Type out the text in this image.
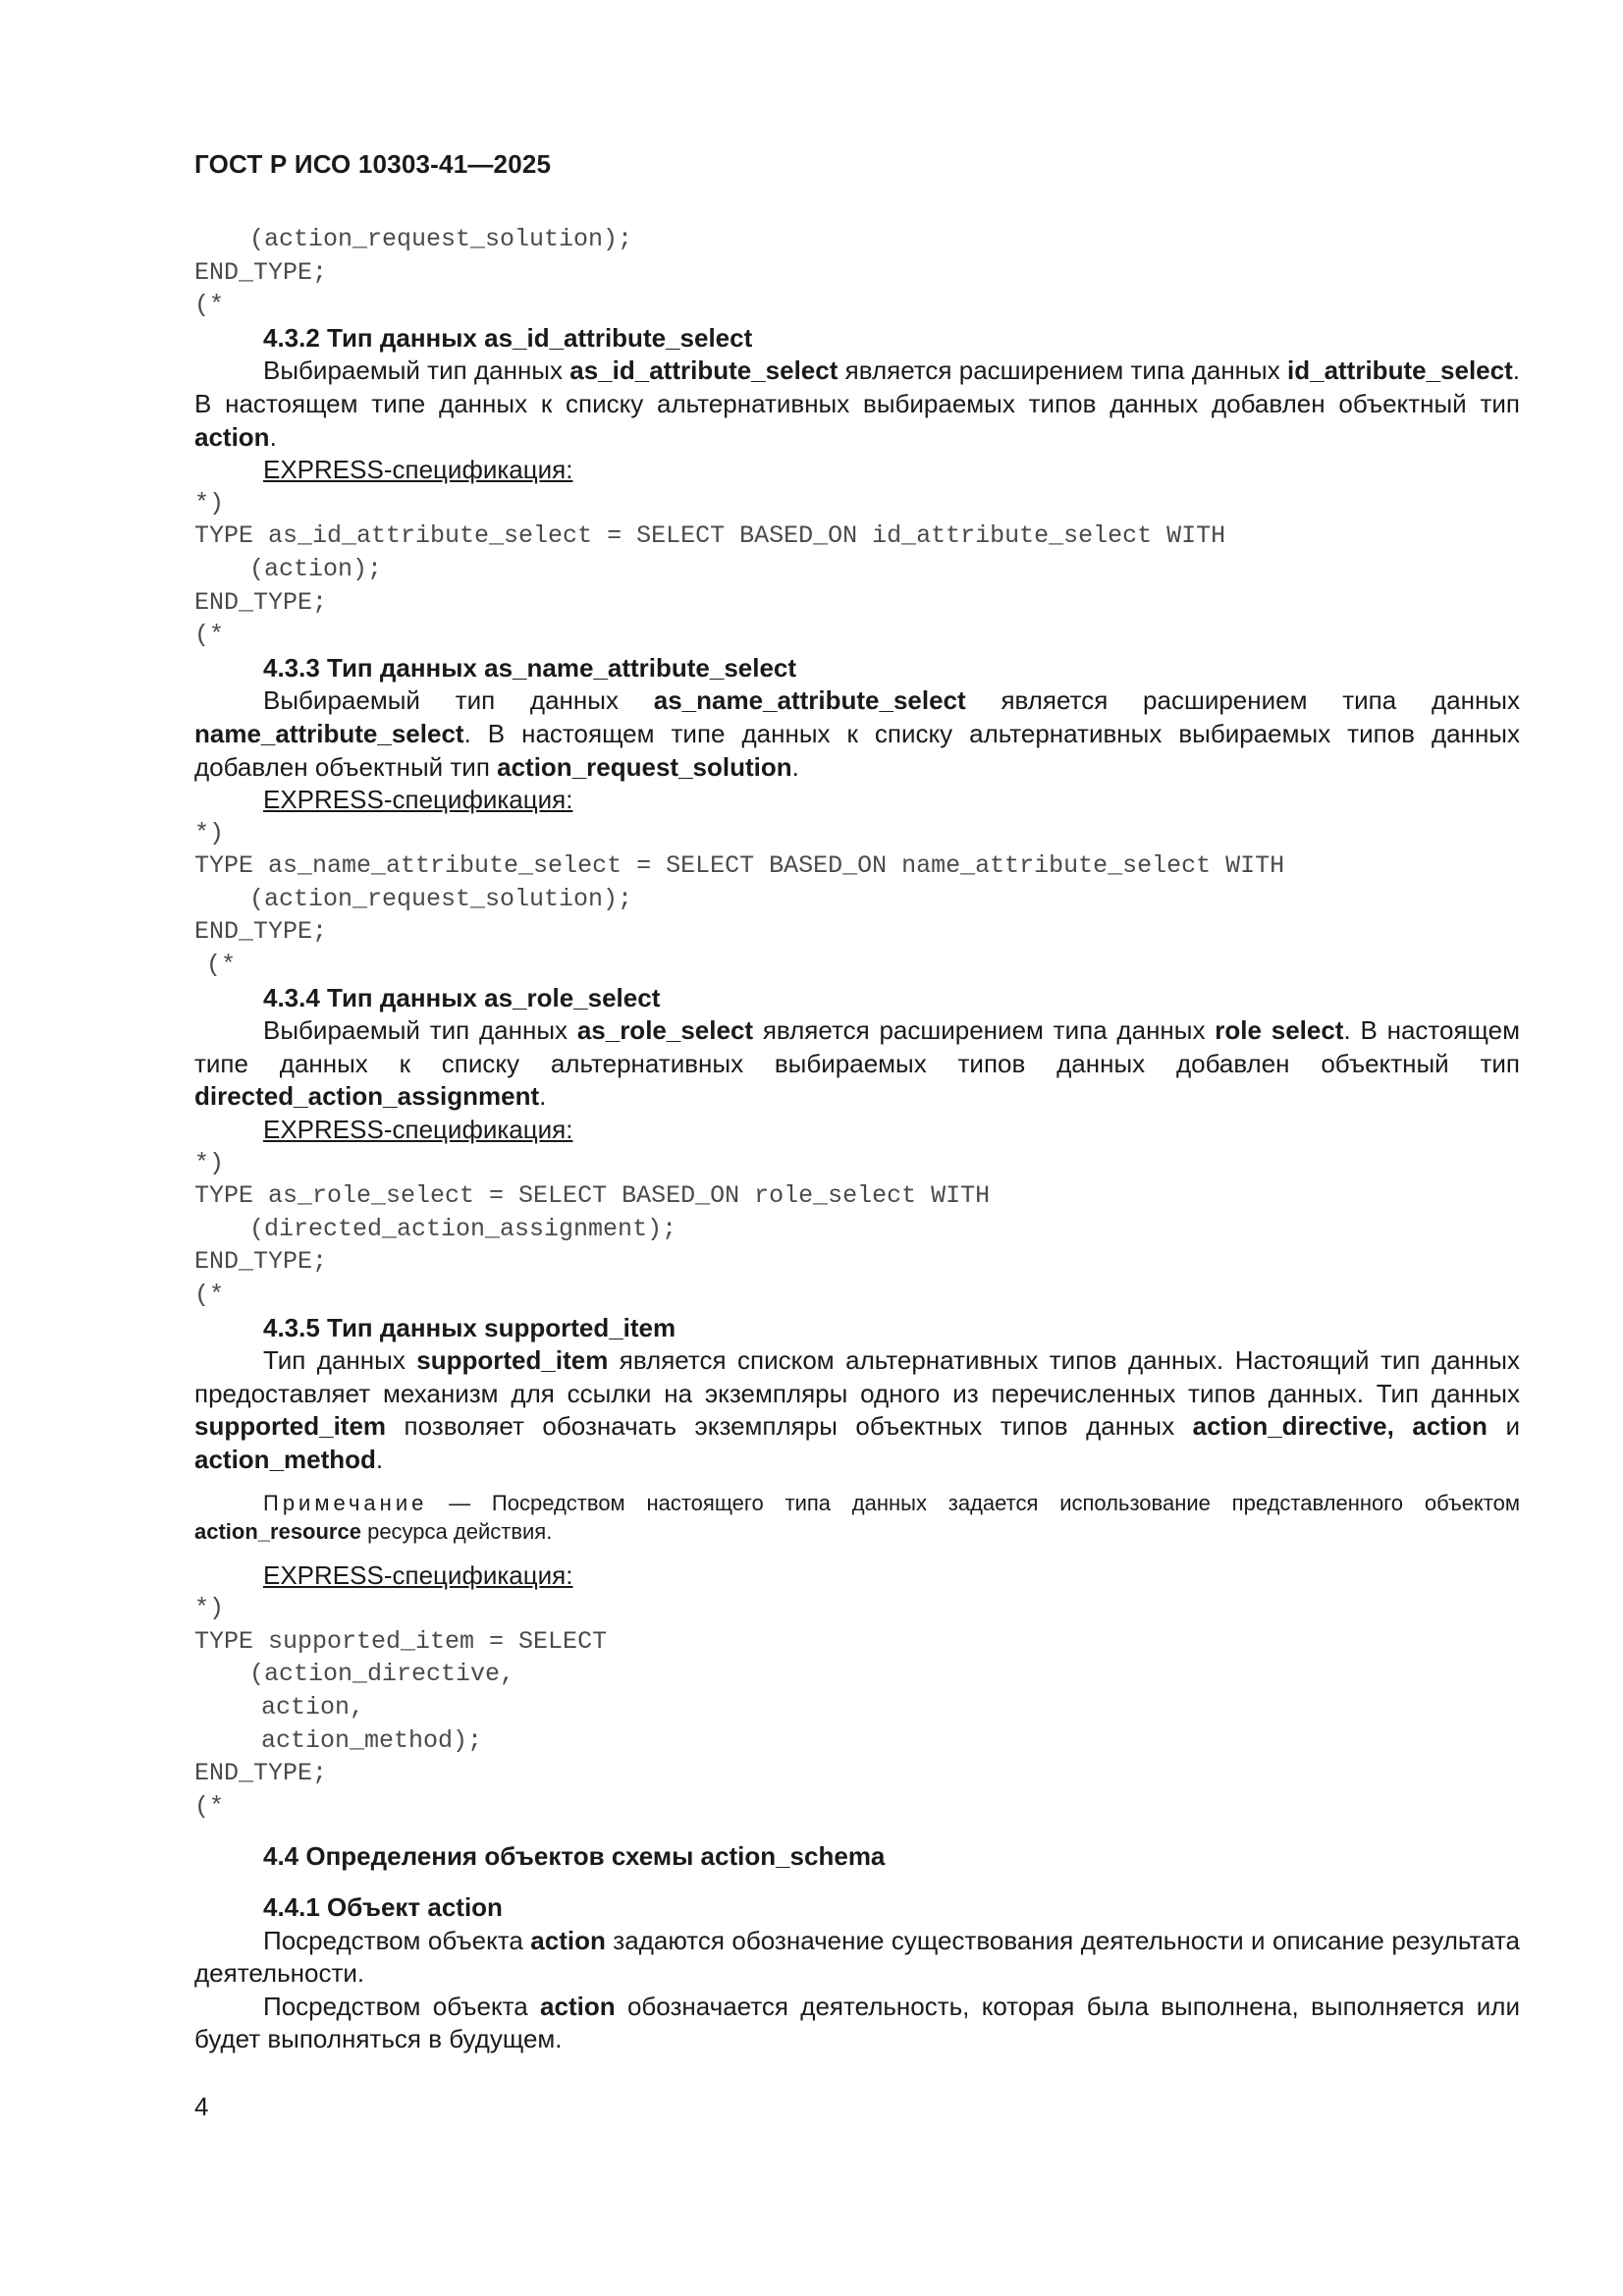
ГОСТ Р ИСО 10303-41—2025
(action_request_solution);
END_TYPE;
(*
4.3.2 Тип данных as_id_attribute_select
Выбираемый тип данных as_id_attribute_select является расширением типа данных id_attribute_select. В настоящем типе данных к списку альтернативных выбираемых типов данных добавлен объектный тип action.
EXPRESS-спецификация:
*)
TYPE as_id_attribute_select = SELECT BASED_ON id_attribute_select WITH
(action);
END_TYPE;
(*
4.3.3 Тип данных as_name_attribute_select
Выбираемый тип данных as_name_attribute_select является расширением типа данных name_attribute_select. В настоящем типе данных к списку альтернативных выбираемых типов данных добавлен объектный тип action_request_solution.
EXPRESS-спецификация:
*)
TYPE as_name_attribute_select = SELECT BASED_ON name_attribute_select WITH
(action_request_solution);
END_TYPE;
(*
4.3.4 Тип данных as_role_select
Выбираемый тип данных as_role_select является расширением типа данных role select. В настоящем типе данных к списку альтернативных выбираемых типов данных добавлен объектный тип directed_action_assignment.
EXPRESS-спецификация:
*)
TYPE as_role_select = SELECT BASED_ON role_select WITH
(directed_action_assignment);
END_TYPE;
(*
4.3.5 Тип данных supported_item
Тип данных supported_item является списком альтернативных типов данных. Настоящий тип данных предоставляет механизм для ссылки на экземпляры одного из перечисленных типов данных. Тип данных supported_item позволяет обозначать экземпляры объектных типов данных action_directive, action и action_method.
Примечание — Посредством настоящего типа данных задается использование представленного объектом action_resource ресурса действия.
EXPRESS-спецификация:
*)
TYPE supported_item = SELECT
(action_directive,
action,
action_method);
END_TYPE;
(*
4.4 Определения объектов схемы action_schema
4.4.1 Объект action
Посредством объекта action задаются обозначение существования деятельности и описание результата деятельности.
Посредством объекта action обозначается деятельность, которая была выполнена, выполняется или будет выполняться в будущем.
4
